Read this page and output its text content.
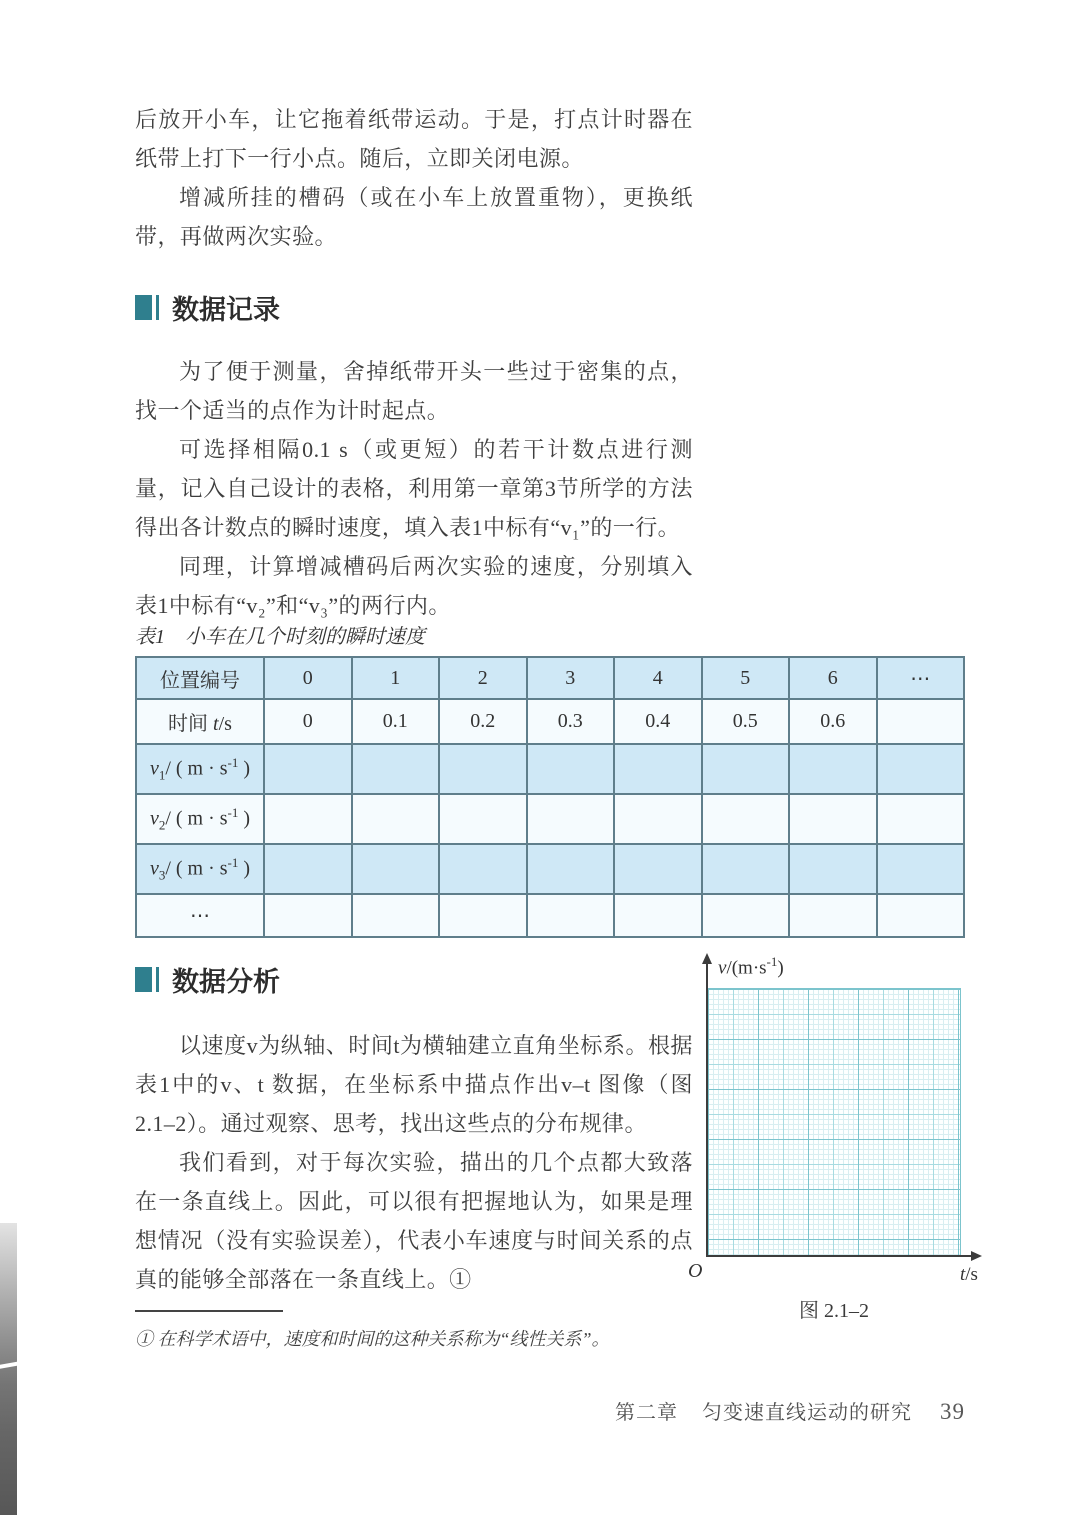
后放开小车，让它拖着纸带运动。于是，打点计时器在纸带上打下一行小点。随后，立即关闭电源。

增减所挂的槽码（或在小车上放置重物），更换纸带，再做两次实验。

数据记录

为了便于测量，舍掉纸带开头一些过于密集的点，找一个适当的点作为计时起点。

可选择相隔0.1 s（或更短）的若干计数点进行测量，记入自己设计的表格，利用第一章第3节所学的方法得出各计数点的瞬时速度，填入表1中标有“v₁”的一行。

同理，计算增减槽码后两次实验的速度，分别填入表1中标有“v₂”和“v₃”的两行内。

表1　小车在几个时刻的瞬时速度
位置编号	0	1	2	3	4	5	6	⋯
时间 t/s	0	0.1	0.2	0.3	0.4	0.5	0.6	
$v_1/$ ( $m \cdot s^{-1}$ )								
$v_2/$ ( $m \cdot s^{-1}$ )								
$v_3/$ ( $m \cdot s^{-1}$ )								
⋯								
数据分析

以速度v为纵轴、时间t为横轴建立直角坐标系。根据表1中的v、t 数据，在坐标系中描点作出v–t 图像（图2.1–2）。通过观察、思考，找出这些点的分布规律。

我们看到，对于每次实验，描出的几个点都大致落在一条直线上。因此，可以很有把握地认为，如果是理想情况（没有实验误差），代表小车速度与时间关系的点真的能够全部落在一条直线上。①

$v/(m\cdot s^{-1})$
O	t/s
图 2.1–2
① 在科学术语中，速度和时间的这种关系称为“线性关系”。
第二章 匀变速直线运动的研究 39
